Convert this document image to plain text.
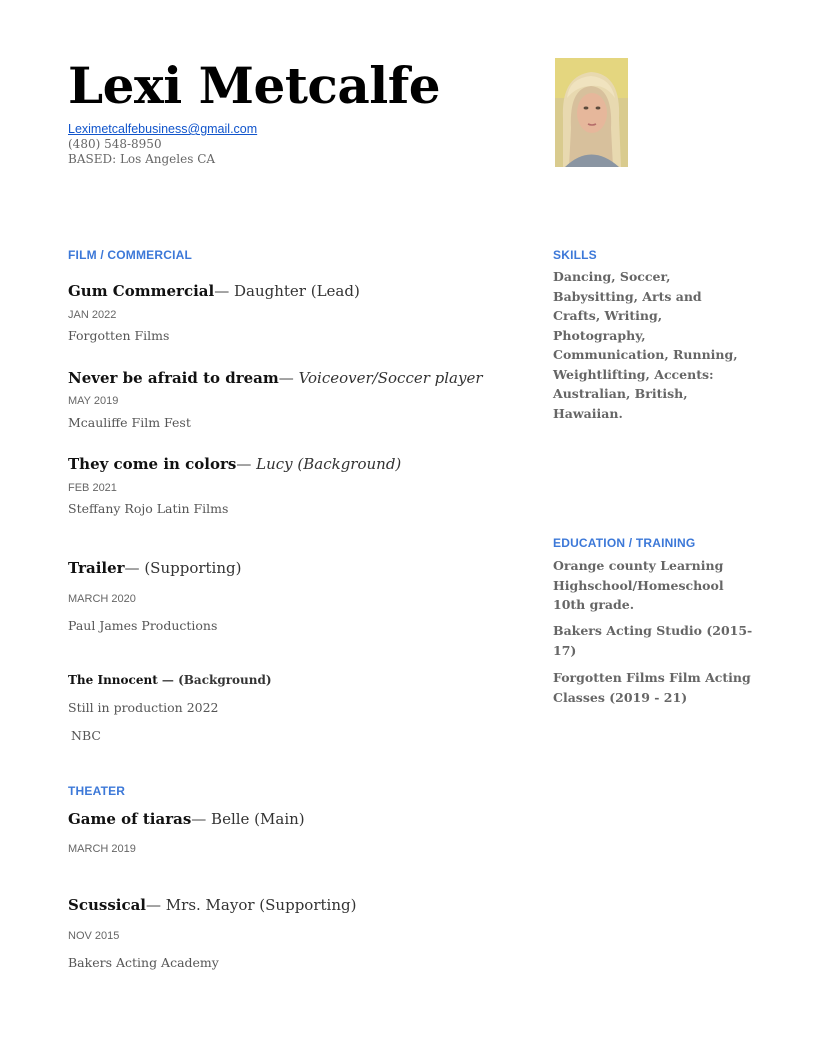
Lexi Metcalfe
Leximetcalfebusiness@gmail.com
(480) 548-8950
BASED: Los Angeles CA
FILM / COMMERCIAL
Gum Commercial— Daughter (Lead)
JAN 2022
Forgotten Films
Never be afraid to dream— Voiceover/Soccer player
MAY 2019
Mcauliffe Film Fest
They come in colors— Lucy (Background)
FEB 2021
Steffany Rojo Latin Films
Trailer— (Supporting)
MARCH 2020
Paul James Productions
The Innocent — (Background)
Still in production 2022
NBC
THEATER
Game of tiaras— Belle (Main)
MARCH 2019
Scussical— Mrs. Mayor (Supporting)
NOV 2015
Bakers Acting Academy
SKILLS
Dancing, Soccer, Babysitting, Arts and Crafts, Writing, Photography, Communication, Running, Weightlifting, Accents: Australian, British, Hawaiian.
EDUCATION / TRAINING
Orange county Learning Highschool/Homeschool 10th grade.
Bakers Acting Studio (2015-17)
Forgotten Films Film Acting Classes (2019 - 21)
